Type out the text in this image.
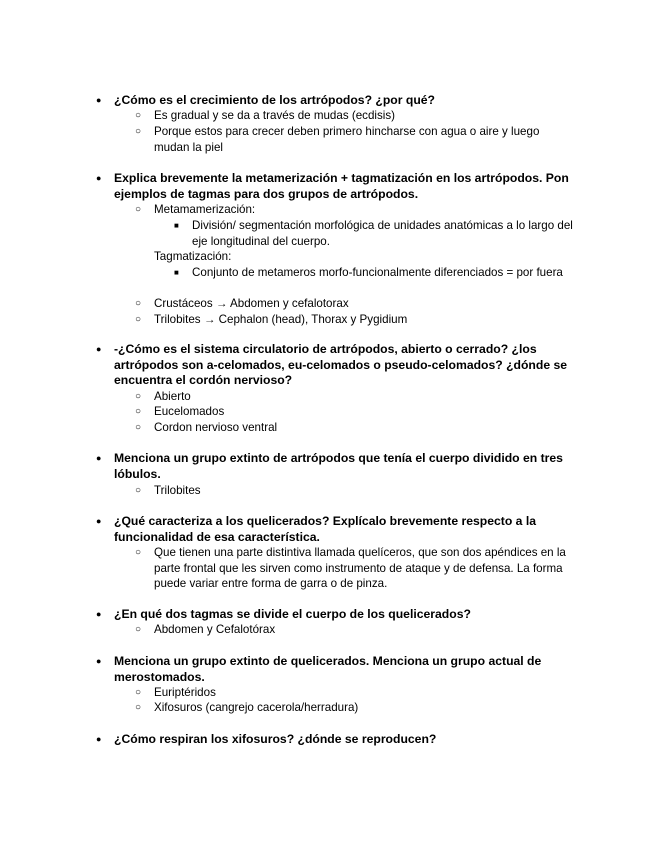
● ¿Cómo es el crecimiento de los artrópodos? ¿por qué?
○ Es gradual y se da a través de mudas (ecdisis)
○ Porque estos para crecer deben primero hincharse con agua o aire y luego mudan la piel
● Explica brevemente la metamerización + tagmatización en los artrópodos. Pon ejemplos de tagmas para dos grupos de artrópodos.
○ Metamamerización:
■ División/ segmentación morfológica de unidades anatómicas a lo largo del eje longitudinal del cuerpo.
Tagmatización:
■ Conjunto de metameros morfo-funcionalmente diferenciados = por fuera
○ Crustáceos → Abdomen y cefalotorax
○ Trilobites → Cephalon (head), Thorax y Pygidium
● -¿Cómo es el sistema circulatorio de artrópodos, abierto o cerrado? ¿los artrópodos son a-celomados, eu-celomados o pseudo-celomados? ¿dónde se encuentra el cordón nervioso?
○ Abierto
○ Eucelomados
○ Cordon nervioso ventral
● Menciona un grupo extinto de artrópodos que tenía el cuerpo dividido en tres lóbulos.
○ Trilobites
● ¿Qué caracteriza a los quelicerados? Explícalo brevemente respecto a la funcionalidad de esa característica.
○ Que tienen una parte distintiva llamada quelíceros, que son dos apéndices en la parte frontal que les sirven como instrumento de ataque y de defensa. La forma puede variar entre forma de garra o de pinza.
● ¿En qué dos tagmas se divide el cuerpo de los quelicerados?
○ Abdomen y Cefalotórax
● Menciona un grupo extinto de quelicerados. Menciona un grupo actual de merostomados.
○ Euriptéridos
○ Xifosuros (cangrejo cacerola/herradura)
● ¿Cómo respiran los xifosuros? ¿dónde se reproducen?
